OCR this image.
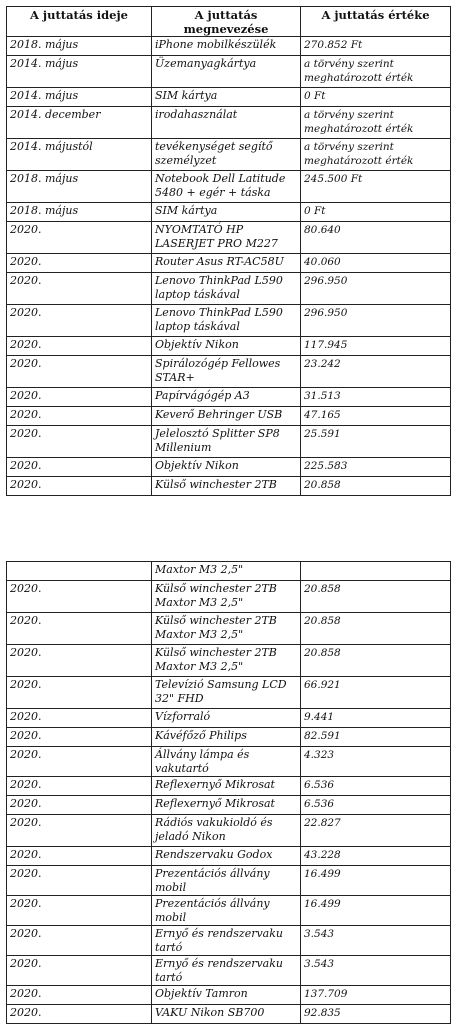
A juttatás ideje	A juttatás megnevezése	A juttatás értéke
2018. május	iPhone mobilkészülék	270.852 Ft
2014. május	Üzemanyagkártya	a törvény szerint meghatározott érték
2014. május	SIM kártya	0 Ft
2014. december	irodahasználat	a törvény szerint meghatározott érték
2014. májustól	tevékenységet segítő személyzet	a törvény szerint meghatározott érték
2018. május	Notebook Dell Latitude 5480 + egér + táska	245.500 Ft
2018. május	SIM kártya	0 Ft
2020.	NYOMTATÓ HP LASERJET PRO M227	80.640
2020.	Router Asus RT-AC58U	40.060
2020.	Lenovo ThinkPad L590 laptop táskával	296.950
2020.	Lenovo ThinkPad L590 laptop táskával	296.950
2020.	Objektív Nikon	117.945
2020.	Spirálozógép Fellowes STAR+	23.242
2020.	Papírvágógép A3	31.513
2020.	Keverő Behringer USB	47.165
2020.	Jelelosztó Splitter SP8 Millenium	25.591
2020.	Objektív Nikon	225.583
2020.	Külső winchester 2TB	20.858
	Maxtor M3 2,5"	
2020.	Külső winchester 2TB Maxtor M3 2,5"	20.858
2020.	Külső winchester 2TB Maxtor M3 2,5"	20.858
2020.	Külső winchester 2TB Maxtor M3 2,5"	20.858
2020.	Televízió Samsung LCD 32" FHD	66.921
2020.	Vízforraló	9.441
2020.	Kávéfőző Philips	82.591
2020.	Állvány lámpa és vakutartó	4.323
2020.	Reflexernyő Mikrosat	6.536
2020.	Reflexernyő Mikrosat	6.536
2020.	Rádiós vakukioldó és jeladó Nikon	22.827
2020.	Rendszervaku Godox	43.228
2020.	Prezentációs állvány mobil	16.499
2020.	Prezentációs állvány mobil	16.499
2020.	Ernyő és rendszervaku tartó	3.543
2020.	Ernyő és rendszervaku tartó	3.543
2020.	Objektív Tamron	137.709
2020.	VAKU Nikon SB700	92.835
